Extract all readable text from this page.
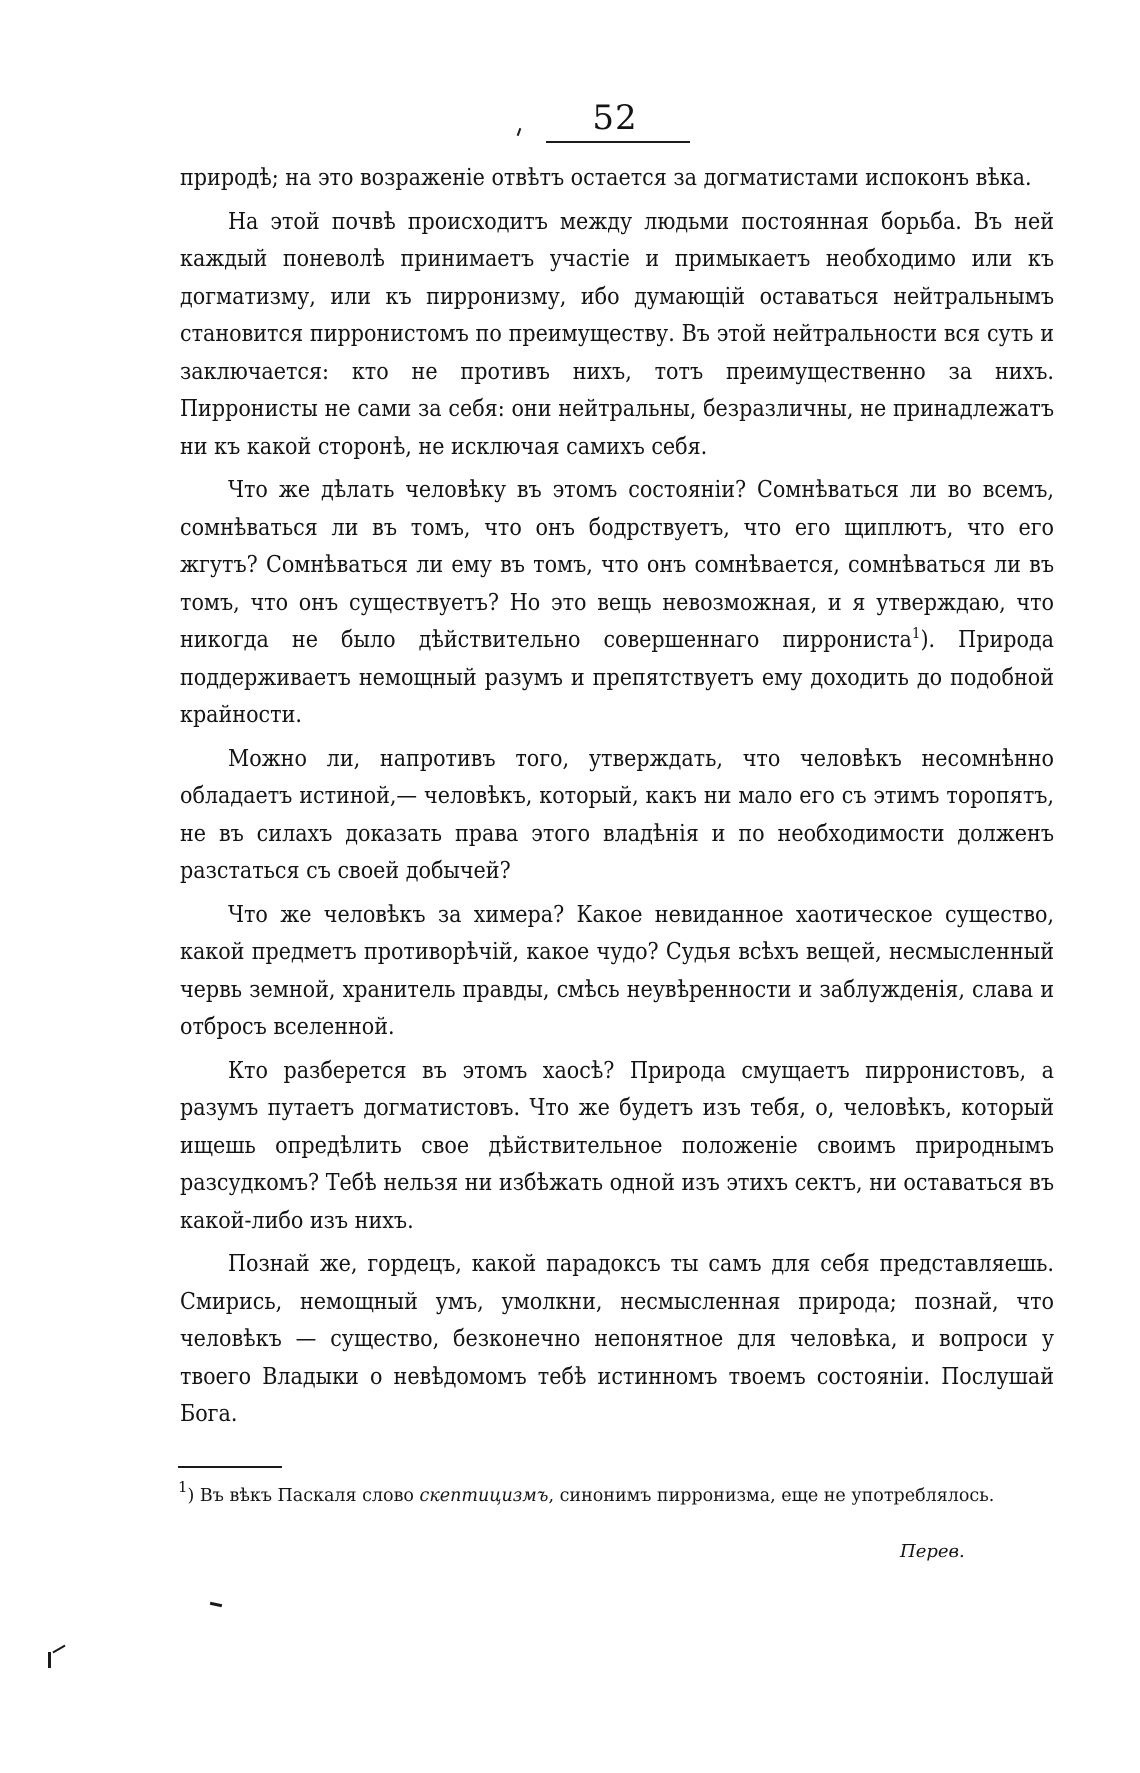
52

природѣ; на это возраженіе отвѣтъ остается за догматистами испоконъ вѣка.

На этой почвѣ происходитъ между людьми постоянная борьба. Въ ней каждый поневолѣ принимаетъ участіе и примыкаетъ необходимо или къ догматизму, или къ пирронизму, ибо думающій оставаться нейтральнымъ становится пирронистомъ по преимуществу. Въ этой нейтральности вся суть и заключается: кто не противъ нихъ, тотъ преимущественно за нихъ. Пирронисты не сами за себя: они нейтральны, безразличны, не принадлежатъ ни къ какой сторонѣ, не исключая самихъ себя.

Что же дѣлать человѣку въ этомъ состояніи? Сомнѣваться ли во всемъ, сомнѣваться ли въ томъ, что онъ бодрствуетъ, что его щиплютъ, что его жгутъ? Сомнѣваться ли ему въ томъ, что онъ сомнѣвается, сомнѣваться ли въ томъ, что онъ существуетъ? Но это вещь невозможная, и я утверждаю, что никогда не было дѣйствительно совершеннаго пиррониста$^1$). Природа поддерживаетъ немощный разумъ и препятствуетъ ему доходить до подобной крайности.

Можно ли, напротивъ того, утверждать, что человѣкъ несомнѣнно обладаетъ истиной,— человѣкъ, который, какъ ни мало его съ этимъ торопятъ, не въ силахъ доказать права этого владѣнія и по необходимости долженъ разстаться съ своей добычей?

Что же человѣкъ за химера? Какое невиданное хаотическое существо, какой предметъ противорѣчій, какое чудо? Судья всѣхъ вещей, несмысленный червь земной, хранитель правды, смѣсь неувѣренности и заблужденія, слава и отбросъ вселенной.

Кто разберется въ этомъ хаосѣ? Природа смущаетъ пирронистовъ, а разумъ путаетъ догматистовъ. Что же будетъ изъ тебя, о, человѣкъ, который ищешь опредѣлить свое дѣйствительное положеніе своимъ природнымъ разсудкомъ? Тебѣ нельзя ни избѣжать одной изъ этихъ сектъ, ни оставаться въ какой-либо изъ нихъ.

Познай же, гордецъ, какой парадоксъ ты самъ для себя представляешь. Смирись, немощный умъ, умолкни, несмысленная природа; познай, что человѣкъ — существо, безконечно непонятное для человѣка, и вопроси у твоего Владыки о невѣдомомъ тебѣ истинномъ твоемъ состояніи. Послушай Бога.

$^1$) Въ вѣкъ Паскаля слово скептицизмъ, синонимъ пирронизма, еще не употреблялось.
Перев.
